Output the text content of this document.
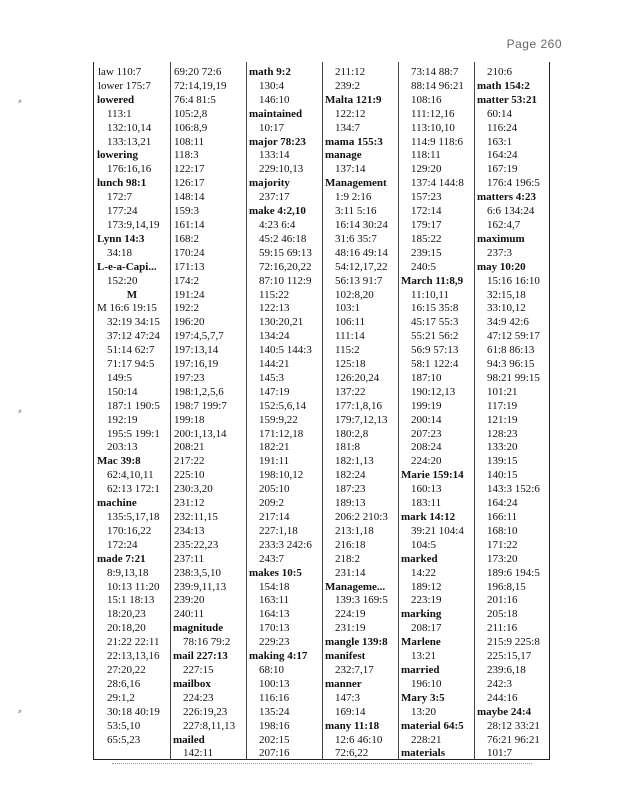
Page 260
law 110:7
lower 175:7
lowered
113:1
132:10,14
133:13,21
lowering
176:16,16
lunch 98:1
172:7
177:24
173:9,14,19
Lynn 14:3
34:18
L-e-a-Capi...
152:20
M
M 16:6 19:15
32:19 34:15
37:12 47:24
51:14 62:7
71:17 94:5
149:5
150:14
187:1 190:5
192:19
195:5 199:1
203:13
Mac 39:8
62:4,10,11
62:13 172:1
machine
135:5,17,18
170:16,22
172:24
made 7:21
8:9,13,18
10:13 11:20
15:1 18:13
18:20,23
20:18,20
21:22 22:11
22:13,13,16
27:20,22
28:6,16
29:1,2
30:18 40:19
53:5,10
65:5,23
69:20 72:6
72:14,19,19
76:4 81:5
105:2,8
106:8,9
108:11
118:3
122:17
126:17
148:14
159:3
161:14
168:2
170:24
171:13
174:2
191:24
192:2
196:20
197:4,5,7,7
197:13,14
197:16,19
197:23
198:1,2,5,6
198:7 199:7
199:18
200:1,13,14
208:21
217:22
225:10
230:3,20
231:12
232:11,15
234:13
235:22,23
237:11
238:3,5,10
239:9,11,13
239:20
240:11
magnitude
78:16 79:2
mail 227:13
227:15
mailbox
224:23
226:19,23
227:8,11,13
mailed
142:11
math 9:2
130:4
146:10
maintained
10:17
major 78:23
133:14
229:10,13
majority
237:17
make 4:2,10
4:23 6:4
45:2 46:18
59:15 69:13
72:16,20,22
87:10 112:9
115:22
122:13
130:20,21
134:24
140:5 144:3
144:21
145:3
147:19
152:5,6,14
159:9,22
171:12,18
182:21
191:11
198:10,12
205:10
209:2
217:14
227:1,18
233:3 242:6
243:7
makes 10:5
154:18
163:11
164:13
170:13
229:23
making 4:17
68:10
100:13
116:16
135:24
198:16
202:15
207:16
211:12
239:2
Malta 121:9
122:12
134:7
mama 155:3
manage
137:14
Management
1:9 2:16
3:11 5:16
16:14 30:24
31:6 35:7
48:16 49:14
54:12,17,22
56:13 91:7
102:8,20
103:1
106:11
111:14
115:2
125:18
126:20,24
137:22
177:1,8,16
179:7,12,13
180:2,8
181:8
182:1,13
182:24
187:23
189:13
206:2 210:3
213:1,18
216:18
218:2
231:14
Manageme...
139:3 169:5
224:19
231:19
mangle 139:8
manifest
232:7,17
manner
147:3
169:14
many 11:18
12:6 46:10
72:6,22
73:14 88:7
88:14 96:21
108:16
111:12,16
113:10,10
114:9 118:6
118:11
129:20
137:4 144:8
157:23
172:14
179:17
185:22
239:15
240:5
March 11:8,9
11:10,11
16:15 35:8
45:17 55:3
55:21 56:2
56:9 57:13
58:1 122:4
187:10
190:12,13
199:19
200:14
207:23
208:24
224:20
Marie 159:14
160:13
183:11
mark 14:12
39:21 104:4
104:5
marked
14:22
189:12
223:19
marking
208:17
Marlene
13:21
married
196:10
Mary 3:5
13:20
material 64:5
228:21
materials
210:6
math 154:2
matter 53:21
60:14
116:24
163:1
164:24
167:19
176:4 196:5
matters 4:23
6:6 134:24
162:4,7
maximum
237:3
may 10:20
15:16 16:10
32:15,18
33:10,12
34:9 42:6
47:12 59:17
61:8 86:13
94:3 96:15
98:21 99:15
101:21
117:19
121:19
128:23
133:20
139:15
140:15
143:3 152:6
164:24
166:11
168:10
171:22
173:20
189:6 194:5
196:8,15
201:16
205:18
211:16
215:9 225:8
225:15,17
239:6,18
242:3
244:16
maybe 24:4
28:12 33:21
76:21 96:21
101:7
⸗
⸗
⸗
